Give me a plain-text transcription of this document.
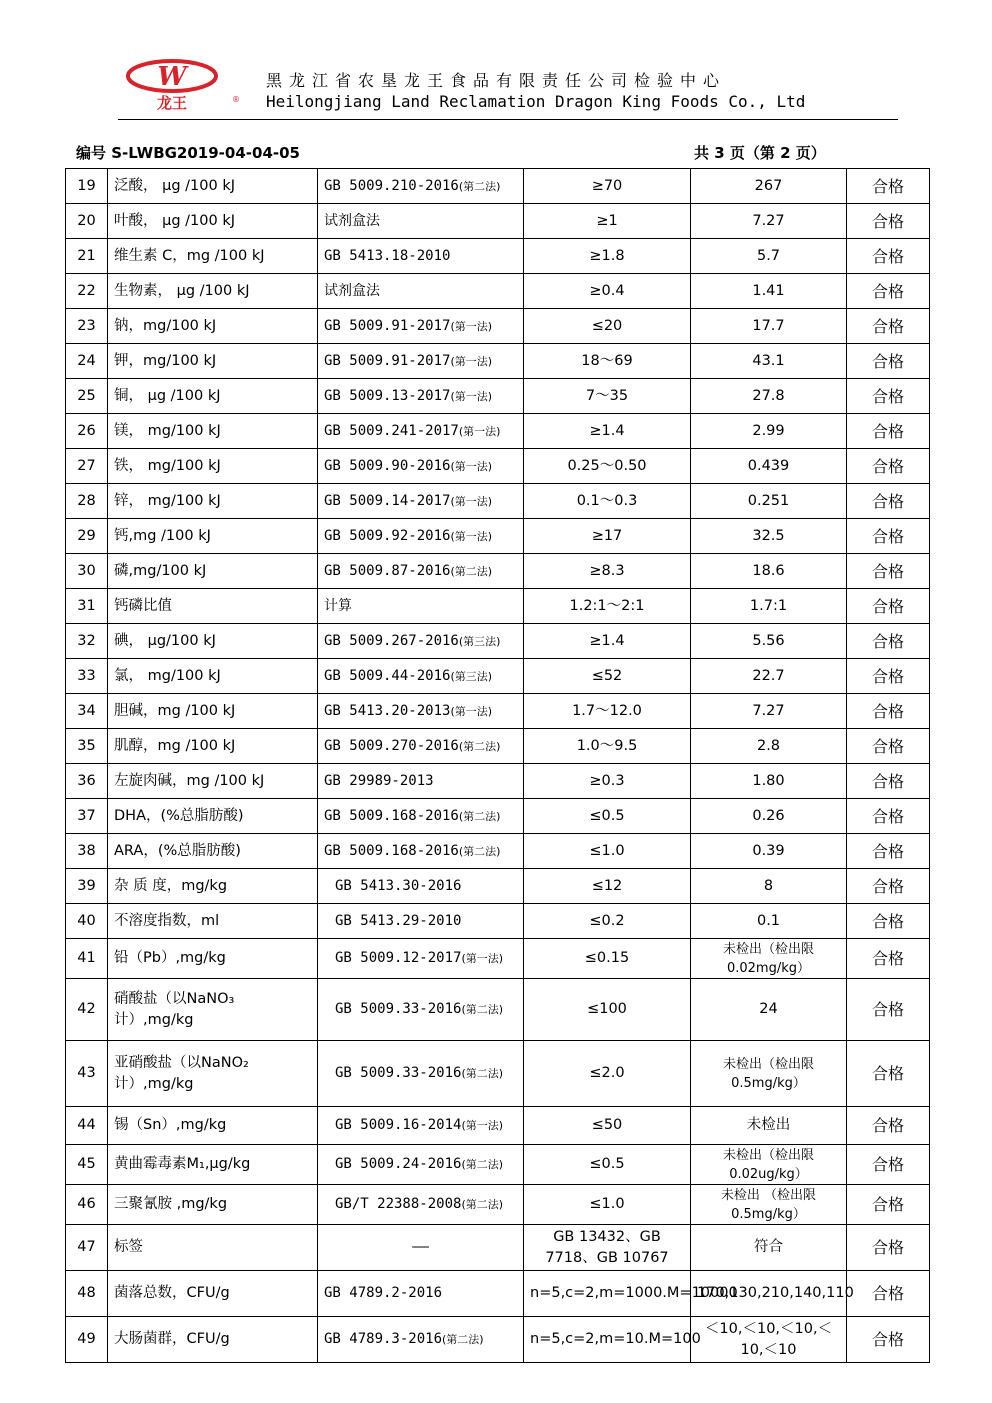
W
龙王	®
黑龙江省农垦龙王食品有限责任公司检验中心
Heilongjiang Land Reclamation Dragon King Foods Co., Ltd
编号 S-LWBG2019-04-04-05	共 3 页（第 2 页）
19	泛酸， μg /100 kJ	GB 5009.210-2016(第二法)	≥70	267	合格
20	叶酸， μg /100 kJ	试剂盒法	≥1	7.27	合格
21	维生素 C，mg /100 kJ	GB 5413.18-2010	≥1.8	5.7	合格
22	生物素， μg /100 kJ	试剂盒法	≥0.4	1.41	合格
23	钠，mg/100 kJ	GB 5009.91-2017(第一法)	≤20	17.7	合格
24	钾，mg/100 kJ	GB 5009.91-2017(第一法)	18～69	43.1	合格
25	铜， μg /100 kJ	GB 5009.13-2017(第一法)	7～35	27.8	合格
26	镁， mg/100 kJ	GB 5009.241-2017(第一法)	≥1.4	2.99	合格
27	铁， mg/100 kJ	GB 5009.90-2016(第一法)	0.25～0.50	0.439	合格
28	锌， mg/100 kJ	GB 5009.14-2017(第一法)	0.1～0.3	0.251	合格
29	钙,mg /100 kJ	GB 5009.92-2016(第一法)	≥17	32.5	合格
30	磷,mg/100 kJ	GB 5009.87-2016(第二法)	≥8.3	18.6	合格
31	钙磷比值	计算	1.2:1～2:1	1.7:1	合格
32	碘， μg/100 kJ	GB 5009.267-2016(第三法)	≥1.4	5.56	合格
33	氯， mg/100 kJ	GB 5009.44-2016(第三法)	≤52	22.7	合格
34	胆碱，mg /100 kJ	GB 5413.20-2013(第一法)	1.7～12.0	7.27	合格
35	肌醇，mg /100 kJ	GB 5009.270-2016(第二法)	1.0～9.5	2.8	合格
36	左旋肉碱，mg /100 kJ	GB 29989-2013	≥0.3	1.80	合格
37	DHA，(%总脂肪酸)	GB 5009.168-2016(第二法)	≤0.5	0.26	合格
38	ARA，(%总脂肪酸)	GB 5009.168-2016(第二法)	≤1.0	0.39	合格
39	杂 质 度，mg/kg	GB 5413.30-2016	≤12	8	合格
40	不溶度指数，ml	GB 5413.29-2010	≤0.2	0.1	合格
41	铅（Pb）,mg/kg	GB 5009.12-2017(第一法)	≤0.15	未检出（检出限 0.02mg/kg）	合格
42	硝酸盐（以NaNO₃ 计）,mg/kg	GB 5009.33-2016(第二法)	≤100	24	合格
43	亚硝酸盐（以NaNO₂ 计）,mg/kg	GB 5009.33-2016(第二法)	≤2.0	未检出（检出限 0.5mg/kg）	合格
44	锡（Sn）,mg/kg	GB 5009.16-2014(第一法)	≤50	未检出	合格
45	黄曲霉毒素M₁,μg/kg	GB 5009.24-2016(第二法)	≤0.5	未检出（检出限 0.02ug/kg）	合格
46	三聚氰胺 ,mg/kg	GB/T 22388-2008(第二法)	≤1.0	未检出 （检出限 0.5mg/kg）	合格
47	标签	——	GB 13432、GB 7718、GB 10767	符合	合格
48	菌落总数，CFU/g	GB 4789.2-2016	n=5,c=2,m=1000.M=10000	170,130,210,140,110	合格
49	大肠菌群，CFU/g	GB 4789.3-2016(第二法)	n=5,c=2,m=10.M=100	＜10,＜10,＜10,＜10,＜10	合格
